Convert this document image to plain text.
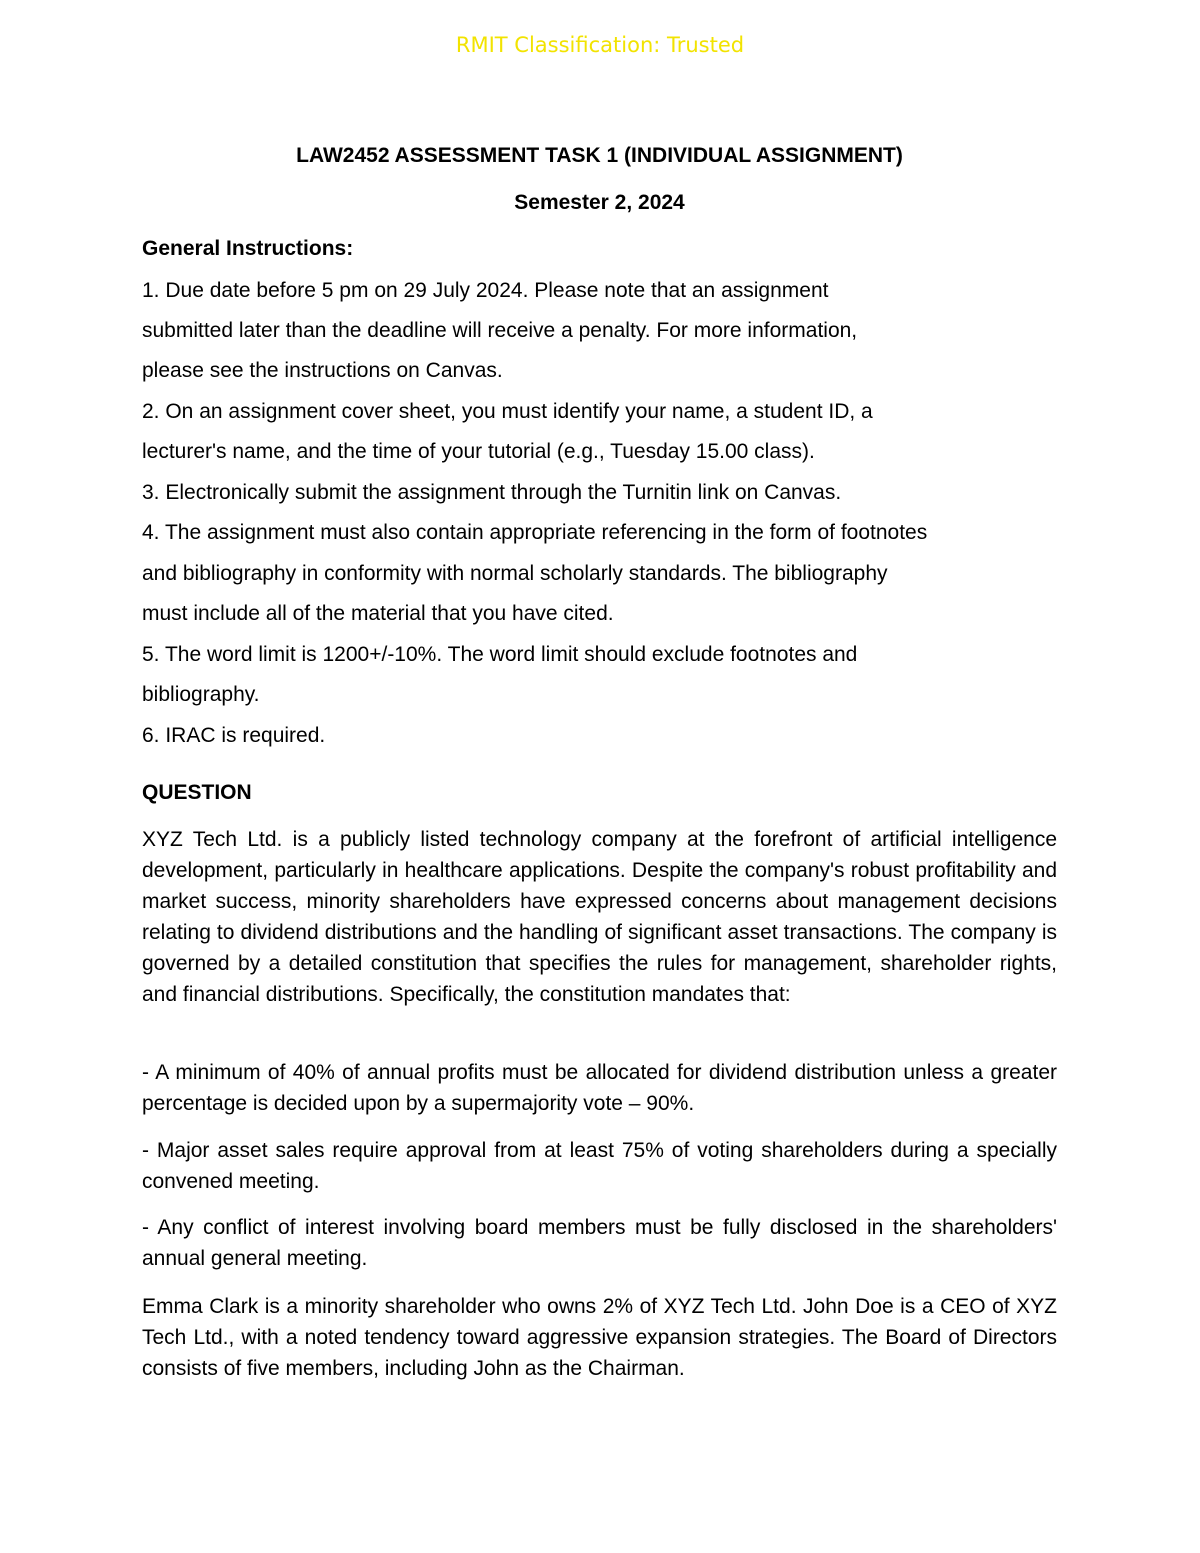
RMIT Classification: Trusted
LAW2452 ASSESSMENT TASK 1 (INDIVIDUAL ASSIGNMENT)
Semester 2, 2024
General Instructions:
1. Due date before 5 pm on 29 July 2024. Please note that an assignment
submitted later than the deadline will receive a penalty. For more information,
please see the instructions on Canvas.
2. On an assignment cover sheet, you must identify your name, a student ID, a
lecturer's name, and the time of your tutorial (e.g., Tuesday 15.00 class).
3. Electronically submit the assignment through the Turnitin link on Canvas.
4. The assignment must also contain appropriate referencing in the form of footnotes
and bibliography in conformity with normal scholarly standards. The bibliography
must include all of the material that you have cited.
5. The word limit is 1200+/-10%. The word limit should exclude footnotes and
bibliography.
6. IRAC is required.
QUESTION
XYZ Tech Ltd. is a publicly listed technology company at the forefront of artificial intelligence development, particularly in healthcare applications. Despite the company's robust profitability and market success, minority shareholders have expressed concerns about management decisions relating to dividend distributions and the handling of significant asset transactions. The company is governed by a detailed constitution that specifies the rules for management, shareholder rights, and financial distributions. Specifically, the constitution mandates that:
- A minimum of 40% of annual profits must be allocated for dividend distribution unless a greater percentage is decided upon by a supermajority vote – 90%.
- Major asset sales require approval from at least 75% of voting shareholders during a specially convened meeting.
- Any conflict of interest involving board members must be fully disclosed in the shareholders' annual general meeting.
Emma Clark is a minority shareholder who owns 2% of XYZ Tech Ltd. John Doe is a CEO of XYZ Tech Ltd., with a noted tendency toward aggressive expansion strategies. The Board of Directors consists of five members, including John as the Chairman.
